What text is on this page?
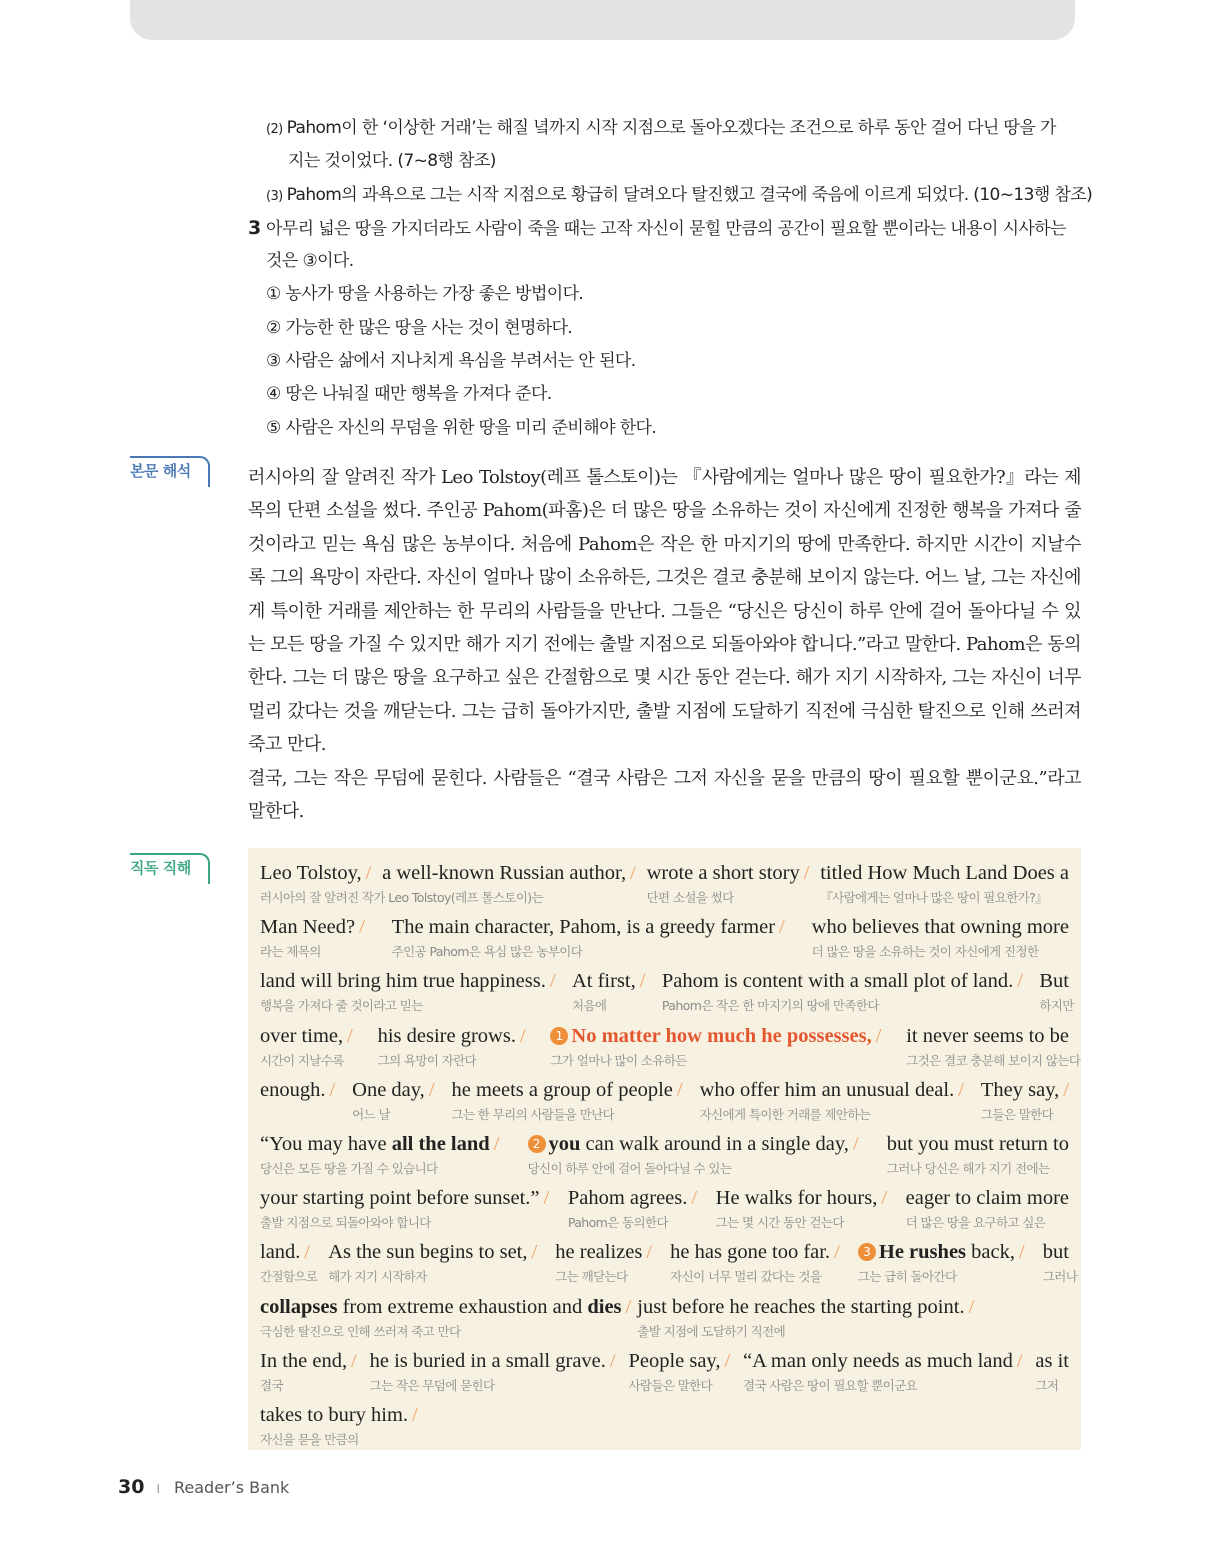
(2) Pahom이 한 ‘이상한 거래’는 해질 녘까지 시작 지점으로 돌아오겠다는 조건으로 하루 동안 걸어 다닌 땅을 가
지는 것이었다. (7~8행 참조)
(3) Pahom의 과욕으로 그는 시작 지점으로 황급히 달려오다 탈진했고 결국에 죽음에 이르게 되었다. (10~13행 참조)
3 아무리 넓은 땅을 가지더라도 사람이 죽을 때는 고작 자신이 묻힐 만큼의 공간이 필요할 뿐이라는 내용이 시사하는
것은 ③이다.
① 농사가 땅을 사용하는 가장 좋은 방법이다.
② 가능한 한 많은 땅을 사는 것이 현명하다.
③ 사람은 삶에서 지나치게 욕심을 부려서는 안 된다.
④ 땅은 나눠질 때만 행복을 가져다 준다.
⑤ 사람은 자신의 무덤을 위한 땅을 미리 준비해야 한다.
본문 해석	러시아의 잘 알려진 작가 Leo Tolstoy(레프 톨스토이)는 『사람에게는 얼마나 많은 땅이 필요한가?』라는 제목의 단편 소설을 썼다. 주인공 Pahom(파홈)은 더 많은 땅을 소유하는 것이 자신에게 진정한 행복을 가져다 줄 것이라고 믿는 욕심 많은 농부이다. 처음에 Pahom은 작은 한 마지기의 땅에 만족한다. 하지만 시간이 지날수록 그의 욕망이 자란다. 자신이 얼마나 많이 소유하든, 그것은 결코 충분해 보이지 않는다. 어느 날, 그는 자신에게 특이한 거래를 제안하는 한 무리의 사람들을 만난다. 그들은 “당신은 당신이 하루 안에 걸어 돌아다닐 수 있는 모든 땅을 가질 수 있지만 해가 지기 전에는 출발 지점으로 되돌아와야 합니다.”라고 말한다. Pahom은 동의한다. 그는 더 많은 땅을 요구하고 싶은 간절함으로 몇 시간 동안 걷는다. 해가 지기 시작하자, 그는 자신이 너무 멀리 갔다는 것을 깨닫는다. 그는 급히 돌아가지만, 출발 지점에 도달하기 직전에 극심한 탈진으로 인해 쓰러져 죽고 만다.
결국, 그는 작은 무덤에 묻힌다. 사람들은 “결국 사람은 그저 자신을 묻을 만큼의 땅이 필요할 뿐이군요.”라고 말한다.
직독 직해	Leo Tolstoy, /
러시아의 잘 알려진 작가 Leo Tolstoy(레프 톨스토이)는
a well-known Russian author, / wrote a short story /
단편 소설을 썼다
titled How Much Land Does a
『사람에게는 얼마나 많은 땅이 필요한가?』
Man Need? /
라는 제목의
The main character, Pahom, is a greedy farmer /
주인공 Pahom은 욕심 많은 농부이다
who believes that owning more
더 많은 땅을 소유하는 것이 자신에게 진정한
land will bring him true happiness. /
행복을 가져다 줄 것이라고 믿는
At first, /
처음에
Pahom is content with a small plot of land. /
Pahom은 작은 한 마지기의 땅에 만족한다
But
하지만
over time, /
시간이 지날수록
his desire grows. /
그의 욕망이 자란다
1 No matter how much he possesses, /
그가 얼마나 많이 소유하든
it never seems to be
그것은 결코 충분해 보이지 않는다
enough. / One day, /
어느 날
he meets a group of people /
그는 한 무리의 사람들을 만난다
who offer him an unusual deal. /
자신에게 특이한 거래를 제안하는
They say, /
그들은 말한다
“You may have all the land /
당신은 모든 땅을 가질 수 있습니다
2 you can walk around in a single day, /
당신이 하루 안에 걸어 돌아다닐 수 있는
but you must return to
그러나 당신은 해가 지기 전에는
your starting point before sunset.” /
출발 지점으로 되돌아와야 합니다
Pahom agrees. /
Pahom은 동의한다
He walks for hours, /
그는 몇 시간 동안 걷는다
eager to claim more
더 많은 땅을 요구하고 싶은
land. /
간절함으로
As the sun begins to set, /
해가 지기 시작하자
he realizes /
그는 깨닫는다
he has gone too far. /
자신이 너무 멀리 갔다는 것을
3 He rushes back, /
그는 급히 돌아간다
but
그러나
collapses from extreme exhaustion and dies /
극심한 탈진으로 인해 쓰러져 죽고 만다
just before he reaches the starting point. /
출발 지점에 도달하기 직전에
In the end, /
결국
he is buried in a small grave. /
그는 작은 무덤에 묻힌다
People say, /
사람들은 말한다
“A man only needs as much land /
결국 사람은 땅이 필요할 뿐이군요
as it
그저
takes to bury him. /
자신을 묻을 만큼의
30 I Reader’s Bank
